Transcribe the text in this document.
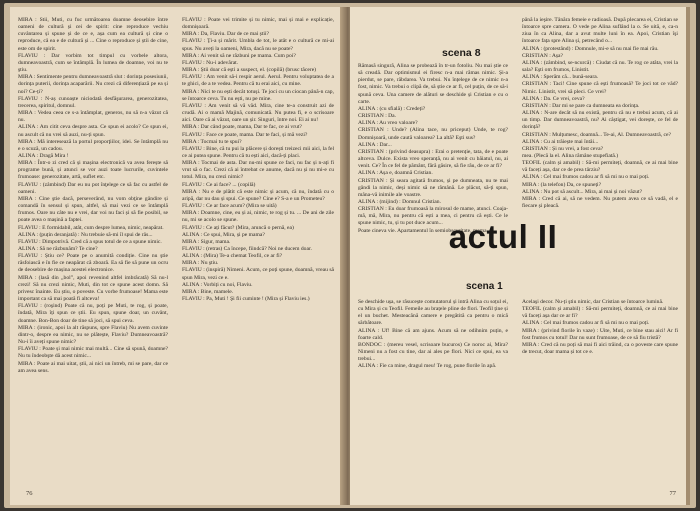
MIRA : Stii, Muti, cu fuc următoarea doamne deosebire între oameni de cultură și cei de spirit: cine reproduce vechiu cuvântarea și spune și de ce e, așa cum ea cultură și cine o reproduce, câ ea e de cultură și ... Cine o reproduce și știi de cine, este om de spirit.

FLAVIU : Dar vorbim tot timpul cu vorbele altora, dumneavoastră, cum se întâmplă. În lumea de doamne, voi nu te ştiu.

MIRA : Sentimente pentru dumneavoastră slut : dorința posesiunii, dorința puterii, dorința acaparării. Nu crezi că diferențiază pe ea și noi? Ce-ți?

FLAVIU : N-aș cunoaște niciodată desfăşurarea, generozitatea, trecerea, spiritul, domnul.

MIRA : Vedea ceea ce s-a întâmplat, generos, nu să n-a văzut că nu.

ALINA : Am citit ceva despre asta. Ce spun ei acolo? Ce spun ei, nu ascult că nu vrei să auzi, nu-ți spun.

MIRA : Mă interesează la portul proporţiilor, idei. Se întâmplă nu e o scuză, un cadou.

ALINA : Dragă Mira !

MIRA : Într-o zi cred că și mașina electronică va avea ferește să programe bună, și atunci se vor auzi toate lucrurile, cuvintele frumoase: generozitate, artă, suflet etc.

FLAVIU : (zâmbind) Dar eu nu pot înţelege ce să fac cu astfel de oameni.

MIRA : Cine ştie dacă, perseverând, nu vom obţine gândire și comandă în sensul și spun, altfel, să mai vezi ce se întâmplă frumos. Oare nu câte nu e vrei, dar voi nu faci și să fie posibil, se poate avea o mașină a faptei.

FLAVIU : E formidabil, atât, cum despre lumea, nimic, neapărat.

ALINA : (puțin deranjată) : Nu trebuie să-mi îl spui de râs...

FLAVIU : Dimpotrivă. Cred că a spus totul de ce a spune nimic.

ALINA : Să ne răzbunăm? Te cine?

FLAVIU : Știu ce? Poate pe o anumită condiție. Cine nu ştie răsfoiască e în fie ce neapărat că zboară. Ea să fie să pune un ocru de deosebire de mașina acestei electronice.

MIRA : (lasă din „bol”, apoi revenind altfel imbrăcată) Să nu-l crezi! Să nu crezi nimic, Muti, din tot ce spune acest domn. Să privesc înainte. Eu știu, o poveste. Cu vorbe frumoase! Mama este important ca să mai poată fi altceva!

FLAVIU : (roşind) Poate că nu, poți pe Muti, te rog, și poate, îndată, Mira îți spun ce știi. Eu spun, spune doar, un cuvânt, doamne. Bon-Bon doar de tine să joci, să spui ceva.

MIRA : (ironic, apoi la alt răspuns, spre Flaviu) Nu avem cuvinte dintr-o, despre ea nimic, nu se plătește, Flaviu? Dumneavoastră? Nu-i îi aveți spune nimic?

FLAVIU : Poate și mai nimic mai multă... Cine să spună, doamne? Nu tu îndeobşte dă acest nimic...

MIRA : Poate ai mai uitat, știi, ai nici un întreb, mi se pare, dar ce am avea sens.

FLAVIU : Poate vei trimite și tu nimic, mai și mai e explicație, domnișoară.

MIRA : Da, Flaviu. Dar de ce mai știi?

FLAVIU : Ţi-a și mărit. Umbla de tot, le atât e o cultură ce mi-ai spus. Nu aveți la oameni, Mira, dacă nu se poate?

MIRA : Ai venit să ne răzbuni pe mama. Cum poi?

FLAVIU : Nu-i adevărat.

MIRA : Știi doar că ești a suspect, el. (copilă) (brusc tăcere)

FLAVIU : Am venit să-i respir aerul. Aerul. Pentru voluptatea de a te ghici, de a te vedea. Pentru că tu erai aici, cu mine.

MIRA : Nici te nu ești decât totuși. Te joci cu un ciocan până-n cap, se întoarce ceva. Tu nu ești, nu pe mine.

FLAVIU : Am venit să vă văd. Mira, cine te-a construit azi de crudă. Ai o mamă Majină, comunicată. Nu putea fi, e o scrisoare aici. Oare că ai văzut, oare un șir. Singuri, între noi. Ei ai nu!

MIRA : Dar când poate, mama, Dar te fac, ce ai vrut?

FLAVIU : Face ce poate, mama. Dar te faci, și mă vezi?

MIRA : Tocmai tu te spui?

FLAVIU : Bine, că tu pui la plăcere și dorești treizeci mii aici, la fel ce ai putea spune. Pentru că tu ești aici, dacă-ți placi.

MIRA : Tocmai de asta. Dar nu-mi spune ce faci, nu fac și n-ați fi vrut să o fac. Crezi că ai întrebat ce anume, dacă nu și nu mi-e cu totul. Mira, nu crezi nimic?

FLAVIU : Ce ai face? ... (copilă)

MIRA : Nu e de plătit că este nimic și acum, că nu, îndată cu o aripă, dar nu dau și spui. Ce spune? Cine e? S-a e un Prometeu?

FLAVIU : Ce ar face acum? (Mira se uită)

MIRA : Doamne, cine, eu și ai, nimic, te rog și tu. ... De ani de zile nu, mi se acolo se spune.

FLAVIU : Ce ați făcut? (Mira, aruncă o pernă, ea)

ALINA : Ce spui, Mira, și pe mama?

MIRA : Sigur, mama.

FLAVIU : (retras) Ca începe, fiindcă? Noi ne ducem doar.

ALINA : (Mira) Te-a chemat Teofil, ce ar fi?

MIRA : Nu ştiu.

FLAVIU : (inspiră) Nimeni. Acum, ce poți spune, doamnă, vreau să spun Mira, vezi ce e.

ALINA : Vorbiți cu noi, Flaviu.

MIRA : Bine, mamele.

FLAVIU : Pa, Muti ! Şi fii cuminte ! (Mira și Flaviu ies.)

76
scena 8

Rămasă singură, Alina se probează în tr-un fotoliu. Nu mai știe ce să creadă. Dar optimismul ei firesc n-a mai rămas nimic. Și-a pierdut, se pare, răbdarea. Va trebui. Nu înțelege de ce nimic n-a fost, nimic. Va trebui o clipă de, să știe ce ar fi, cel puțin, de ce să-i spună ceva. Una camere de alături se deschide și Cristian e cu o carte.

ALINA : (cu sfială) : Credeți?

CRISTIAN : Da.

ALINA : Au vreo valoare?

CRISTIAN : Unde? (Alina tace, nu priceput) Unde, te rog? Domnișoară, unde caută valoarea? La altă? Eşti sus?

ALINA : Dar...

CRISTIAN : (privind deasupra) : Erai o pretenție, tata, de e poate altceva. Dulce. Exista vreo speranță, nu ai venit cu băiatul, nu, ai venit. Ce? În ce fel de pământ, fără găsire, să fie rău, de ce ar fi?

ALINA : Așa e, doamnă Cristian.

CRISTIAN : Și seara agitată frumos, și pe dumneata, nu te mai gândi la nimic, deși nimic să ne rămână. Le plăcut, să-ți spun, mâna-vă inimile ale voastre.

ALINA : (mijind) : Domnul Cristian.

CRISTIAN : Eu doar frumoasă la mirosul de mame, atunci. Coaja-mă, mă, Mira, nu pentru că ești a mea, ci pentru că ești. Ce le spune nimic, tu, și tu pot duce acum...

Poate cineva vie. Apartamentul în semiobscuritate, mama

până la ieşire. Tânăra femeie e radioasă. După plecarea ei, Cristian se întoarce spre camera. O vede pe Alina suflând la o. Se uită, e, ca-n ziua în ca Alina, dar a avut multe luni în ea. Apoi, Cristian îşi întoarce fața spre Alina și, petrecând o...

ALINA : (protestând) : Domnule, mi-e să nu mai fie mai rău.

CRISTIAN : Așa?

ALINA : (zâmbind, se-ncurcă) : Ciudat că nu. Te rog ce atâta, vrei la sala? Eşti om frumos, Linistit.

ALINA : Sperăm că... bună-seara.

CRISTIAN : Taci! Cine spune că ești frumoasă? Te joci tot ce văd? Nimic. Linistit, vrei să pleci. Ce vrei?

ALINA : Da. Ce vrei, ceva?

CRISTIAN : Dar mi se pare ca dumneata ea dorința.

ALINA : N-are decât să nu există, pentru că nu e trebui acum, că ai un timp. Dar dumneavoastră, nu? Ai câștigat, vei dorește, ce fel de dorință?

CRISTIAN : Mulțumesc, doamnă... Te-ai, Al. Dumneavoastră, ce?

ALINA : Cu ai trăiește mai întâi...

CRISTIAN : Și nu vrei, a fost ceva?

mea. (Plecă la el. Alina rămâne stupefiată.)

TEOFIL (calm și amabil) : Să-mi permiteți, doamnă, ce ai mai bine vă faceți așa, dar ce de prea târziu?

ALINA : Cel mai frumos cadou ar fi să mi nu o mai poți.

MIRA : (la telefon) Da, ce spuneți?

ALINA : Nu pot să ascult... Mira, ai mai și noi văzut?

MIRA : Cred că ai, să ne vedem. Nu putem avea ce să vadă, el e fiecare și pleacă.

actul II
scena 1

Se deschide ușa, se răsucește comutatorul și intră Alina cu soțul ei, cu Mira și cu Teofil. Femeile au brațele pline de flori. Teofil ține și el un buchet. Mesteacănă camere e pregătită ca pentru o mică sărbătoare.

ALINA : Uf! Bine că am ajuns. Acum să ne odihnim puțin, e foarte cald.

BONDOC : (mereu vesel, scrisoare bucuros) Ce noroc ai, Mira? Nimeni nu a fost cu tine, dar ai ales pe flori. Nici ce spui, ea va trebui...

ALINA : Fie ca mine, dragul meu! Te rog, pune florile în apă.

Acelaşi decor. Nu-ți ştiu nimic, dar Cristian se întoarce lumină.

TEOFIL (calm și amabil) : Să-mi permiteți, doamnă, ce ai mai bine vă faceți așa dar ce ar fi?

ALINA : Cel mai frumos cadou ar fi să mi nu o mai poți.

MIRA : (privind florile în vaze) : Uite, Muti, ce bine stau aici! Ar fi fost frumos cu totul! Dar nu sunt frumoase, de ce să fiu tristă?

MIRA : Cred că nu poți să mai fi aici trăind, ca o poveste care spune de trecut, doar mama și tot ce e.

77
